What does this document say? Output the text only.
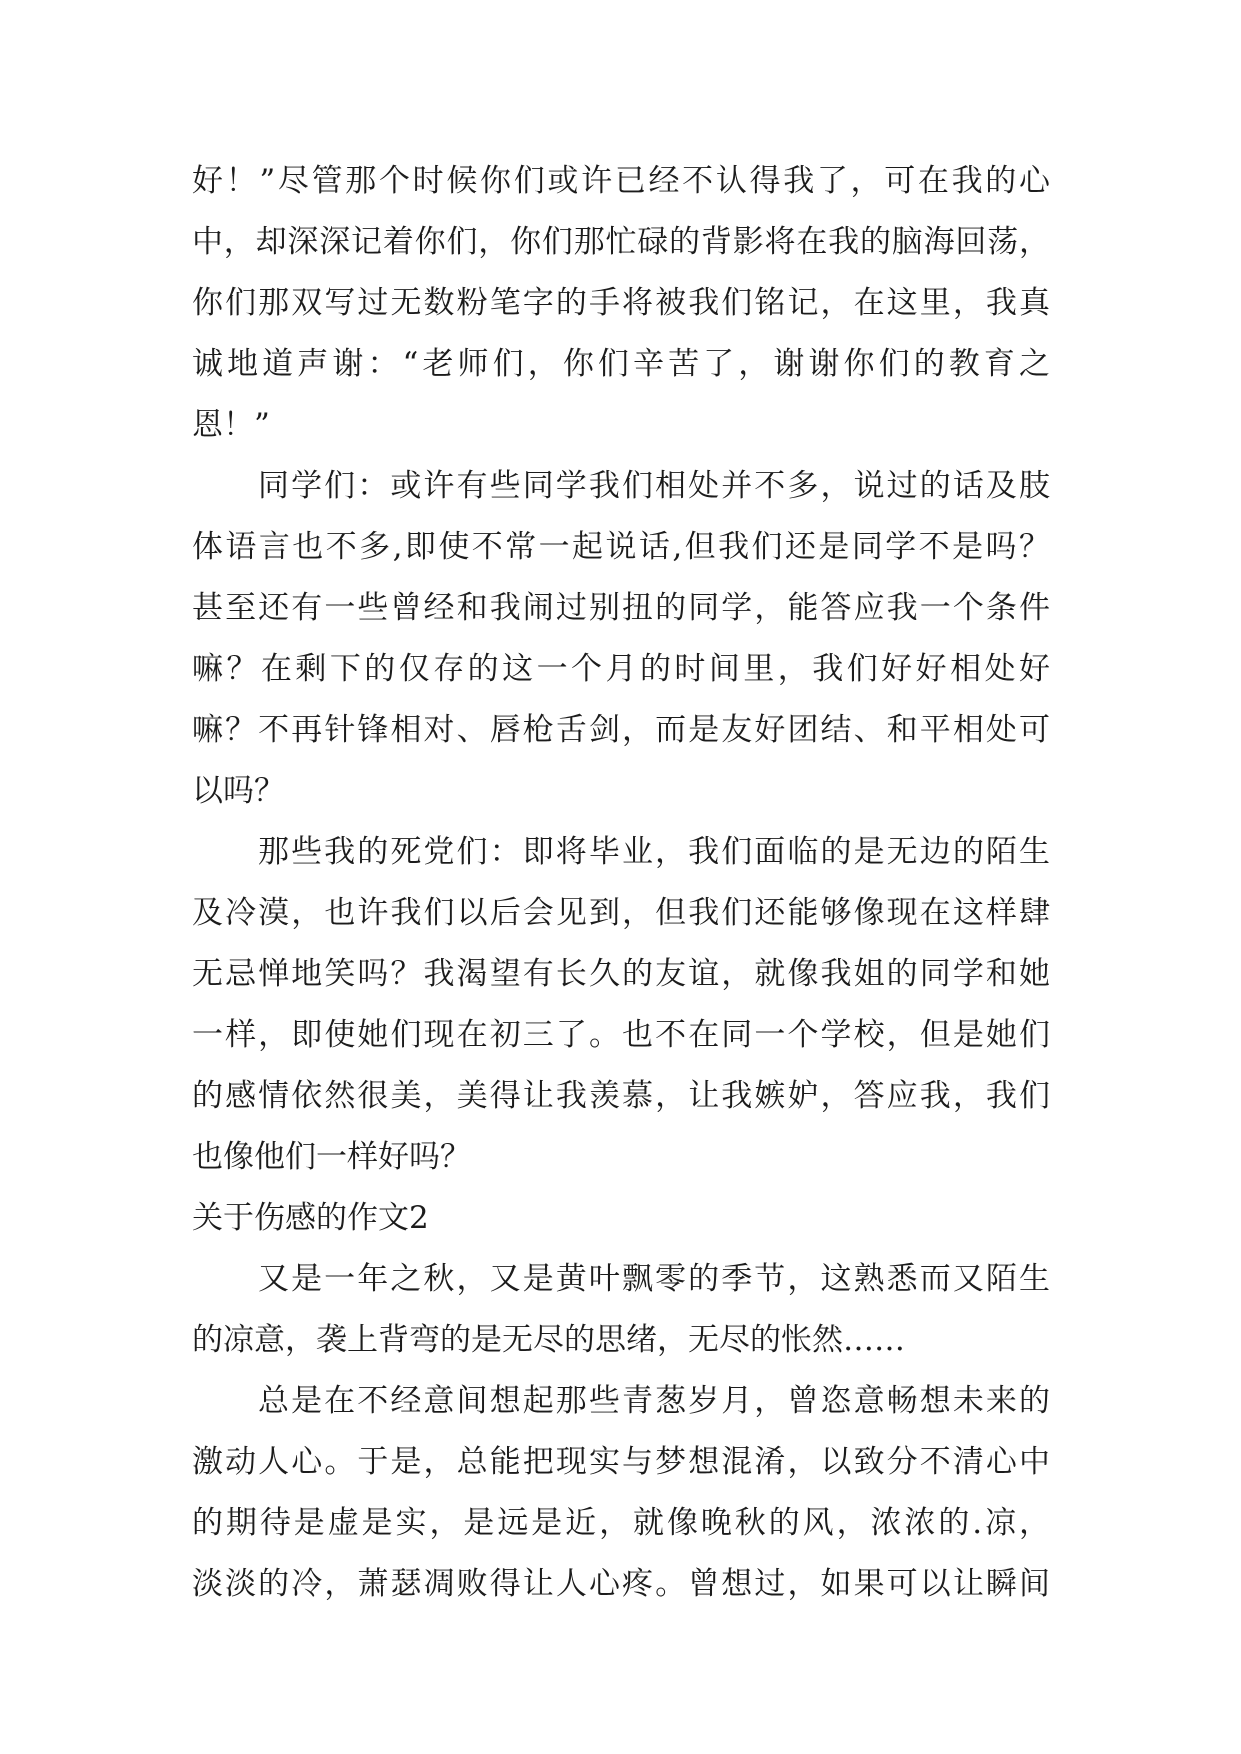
好！”尽管那个时候你们或许已经不认得我了，可在我的心
中，却深深记着你们，你们那忙碌的背影将在我的脑海回荡，
你们那双写过无数粉笔字的手将被我们铭记，在这里，我真
诚地道声谢：“老师们，你们辛苦了，谢谢你们的教育之
恩！”
同学们：或许有些同学我们相处并不多，说过的话及肢
体语言也不多,即使不常一起说话,但我们还是同学不是吗？
甚至还有一些曾经和我闹过别扭的同学，能答应我一个条件
嘛？在剩下的仅存的这一个月的时间里，我们好好相处好
嘛？不再针锋相对、唇枪舌剑，而是友好团结、和平相处可
以吗？
那些我的死党们：即将毕业，我们面临的是无边的陌生
及冷漠，也许我们以后会见到，但我们还能够像现在这样肆
无忌惮地笑吗？我渴望有长久的友谊，就像我姐的同学和她
一样，即使她们现在初三了。也不在同一个学校，但是她们
的感情依然很美，美得让我羡慕，让我嫉妒，答应我，我们
也像他们一样好吗？
关于伤感的作文2
又是一年之秋，又是黄叶飘零的季节，这熟悉而又陌生
的凉意，袭上背弯的是无尽的思绪，无尽的怅然……
总是在不经意间想起那些青葱岁月，曾恣意畅想未来的
激动人心。于是，总能把现实与梦想混淆，以致分不清心中
的期待是虚是实，是远是近，就像晚秋的风，浓浓的.凉，
淡淡的冷，萧瑟凋败得让人心疼。曾想过，如果可以让瞬间
